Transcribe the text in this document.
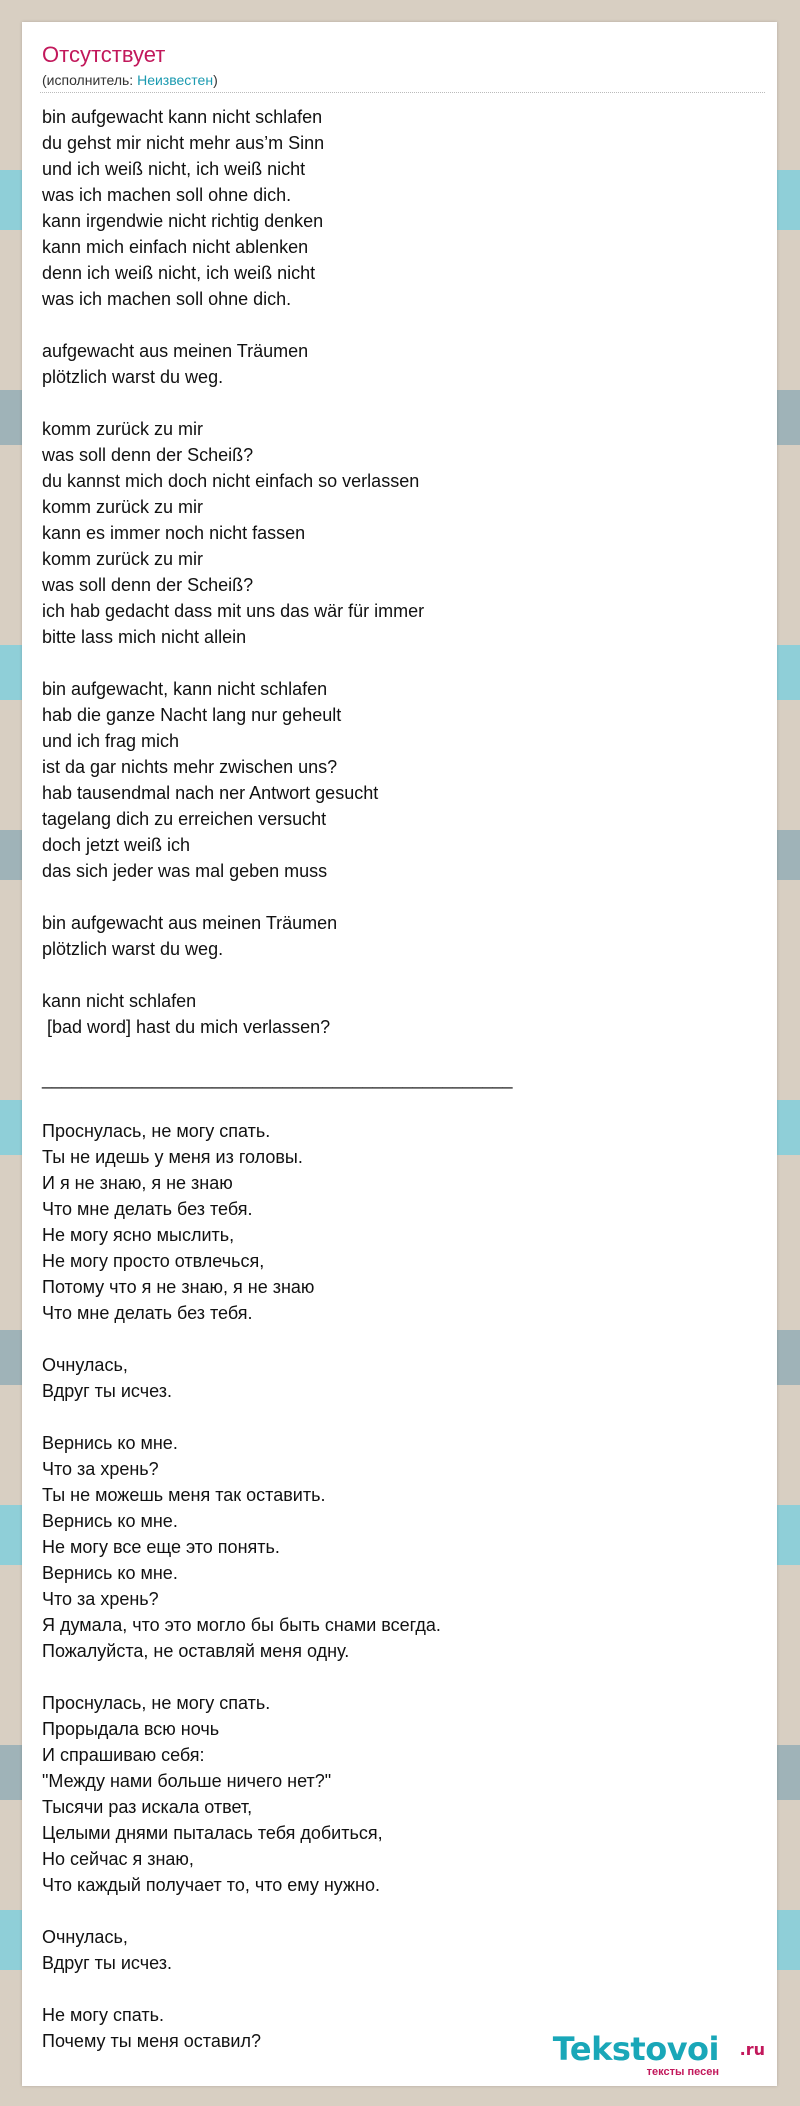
Отсутствует
(исполнитель: Неизвестен)
bin aufgewacht kann nicht schlafen
du gehst mir nicht mehr aus’m Sinn
und ich weiß nicht, ich weiß nicht
was ich machen soll ohne dich.
kann irgendwie nicht richtig denken
kann mich einfach nicht ablenken
denn ich weiß nicht, ich weiß nicht
was ich machen soll ohne dich.
aufgewacht aus meinen Träumen
plötzlich warst du weg.
komm zurück zu mir
was soll denn der Scheiß?
du kannst mich doch nicht einfach so verlassen
komm zurück zu mir
kann es immer noch nicht fassen
komm zurück zu mir
was soll denn der Scheiß?
ich hab gedacht dass mit uns das wär für immer
bitte lass mich nicht allein
bin aufgewacht, kann nicht schlafen
hab die ganze Nacht lang nur geheult
und ich frag mich
ist da gar nichts mehr zwischen uns?
hab tausendmal nach ner Antwort gesucht
tagelang dich zu erreichen versucht
doch jetzt weiß ich
das sich jeder was mal geben muss
bin aufgewacht aus meinen Träumen
plötzlich warst du weg.
kann nicht schlafen
[bad word] hast du mich verlassen?
_______________________________________________
Проснулась, не могу спать.
Ты не идешь у меня из головы.
И я не знаю, я не знаю
Что мне делать без тебя.
Не могу ясно мыслить,
Не могу просто отвлечься,
Потому что я не знаю, я не знаю
Что мне делать без тебя.
Очнулась,
Вдруг ты исчез.
Вернись ко мне.
Что за хрень?
Ты не можешь меня так оставить.
Вернись ко мне.
Не могу все еще это понять.
Вернись ко мне.
Что за хрень?
Я думала, что это могло бы быть снами всегда.
Пожалуйста, не оставляй меня одну.
Проснулась, не могу спать.
Прорыдала всю ночь
И спрашиваю себя:
"Между нами больше ничего нет?"
Тысячи раз искала ответ,
Целыми днями пыталась тебя добиться,
Но сейчас я знаю,
Что каждый получает то, что ему нужно.
Очнулась,
Вдруг ты исчез.
Не могу спать.
Почему ты меня оставил?	Tekstovoi .ru
тексты песен
